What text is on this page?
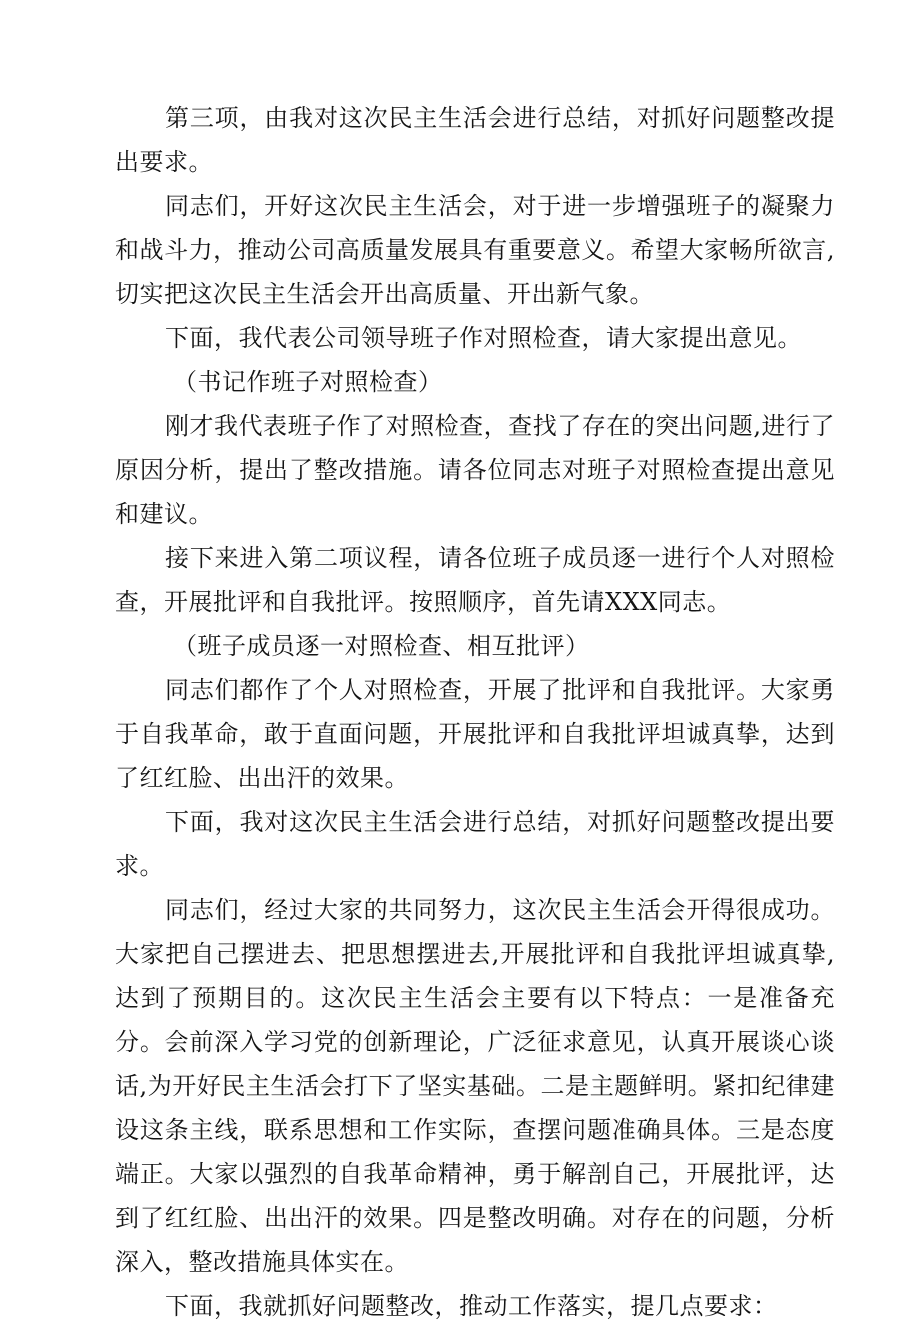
第三项，由我对这次民主生活会进行总结，对抓好问题整改提出要求。

同志们，开好这次民主生活会，对于进一步增强班子的凝聚力和战斗力，推动公司高质量发展具有重要意义。希望大家畅所欲言,切实把这次民主生活会开出高质量、开出新气象。

下面，我代表公司领导班子作对照检查，请大家提出意见。

（书记作班子对照检查）

刚才我代表班子作了对照检查，查找了存在的突出问题,进行了原因分析，提出了整改措施。请各位同志对班子对照检查提出意见和建议。

接下来进入第二项议程，请各位班子成员逐一进行个人对照检查，开展批评和自我批评。按照顺序，首先请XXX同志。

（班子成员逐一对照检查、相互批评）

同志们都作了个人对照检查，开展了批评和自我批评。大家勇于自我革命，敢于直面问题，开展批评和自我批评坦诚真挚，达到了红红脸、出出汗的效果。

下面，我对这次民主生活会进行总结，对抓好问题整改提出要求。

同志们，经过大家的共同努力，这次民主生活会开得很成功。大家把自己摆进去、把思想摆进去,开展批评和自我批评坦诚真挚,达到了预期目的。这次民主生活会主要有以下特点：一是准备充分。会前深入学习党的创新理论，广泛征求意见，认真开展谈心谈话,为开好民主生活会打下了坚实基础。二是主题鲜明。紧扣纪律建设这条主线，联系思想和工作实际，查摆问题准确具体。三是态度端正。大家以强烈的自我革命精神，勇于解剖自己，开展批评，达到了红红脸、出出汗的效果。四是整改明确。对存在的问题，分析深入，整改措施具体实在。

下面，我就抓好问题整改，推动工作落实，提几点要求：
